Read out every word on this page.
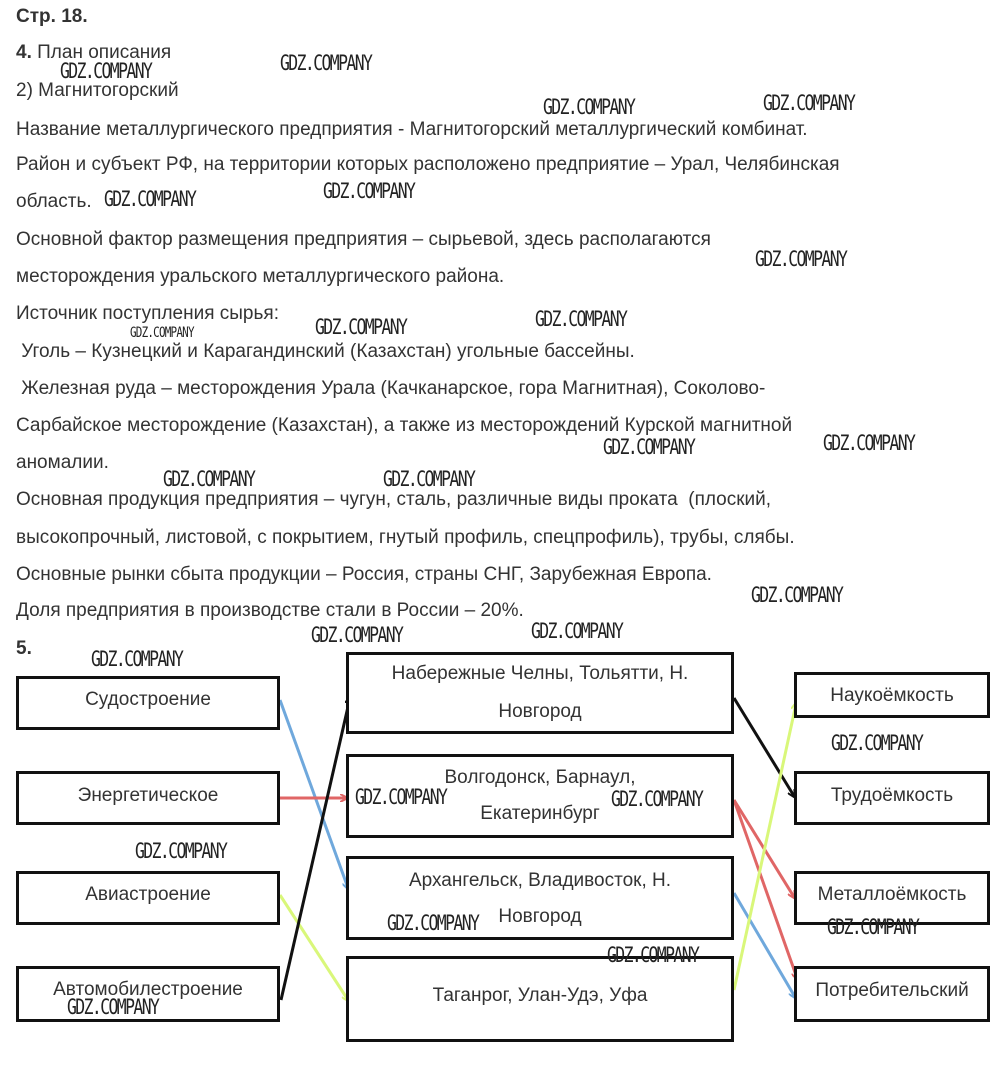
Стр. 18.
4. План описания
2) Магнитогорский
Название металлургического предприятия - Магнитогорский металлургический комбинат.
Район и субъект РФ, на территории которых расположено предприятие – Урал, Челябинская
область.
Основной фактор размещения предприятия – сырьевой, здесь располагаются
месторождения уральского металлургического района.
Источник поступления сырья:
Уголь – Кузнецкий и Карагандинский (Казахстан) угольные бассейны.
Железная руда – месторождения Урала (Качканарское, гора Магнитная), Соколово-
Сарбайское месторождение (Казахстан), а также из месторождений Курской магнитной
аномалии.
Основная продукция предприятия – чугун, сталь, различные виды проката  (плоский,
высокопрочный, листовой, с покрытием, гнутый профиль, спецпрофиль), трубы, слябы.
Основные рынки сбыта продукции – Россия, страны СНГ, Зарубежная Европа.
Доля предприятия в производстве стали в России – 20%.
5.
Судостроение
Энергетическое
Авиастроение
Автомобилестроение
Набережные Челны, Тольятти, Н.
Новгород
Волгодонск, Барнаул,
Екатеринбург
Архангельск, Владивосток, Н.
Новгород
Таганрог, Улан-Удэ, Уфа
Наукоёмкость
Трудоёмкость
Металлоёмкость
Потребительский
GDZ.COMPANY	GDZ.COMPANY
GDZ.COMPANY	GDZ.COMPANY
GDZ.COMPANY	GDZ.COMPANY
GDZ.COMPANY
GDZ.COMPANY	GDZ.COMPANY	GDZ.COMPANY
GDZ.COMPANY	GDZ.COMPANY
GDZ.COMPANY	GDZ.COMPANY
GDZ.COMPANY
GDZ.COMPANY	GDZ.COMPANY
GDZ.COMPANY
GDZ.COMPANY
GDZ.COMPANY	GDZ.COMPANY
GDZ.COMPANY
GDZ.COMPANY	GDZ.COMPANY
GDZ.COMPANY
GDZ.COMPANY
